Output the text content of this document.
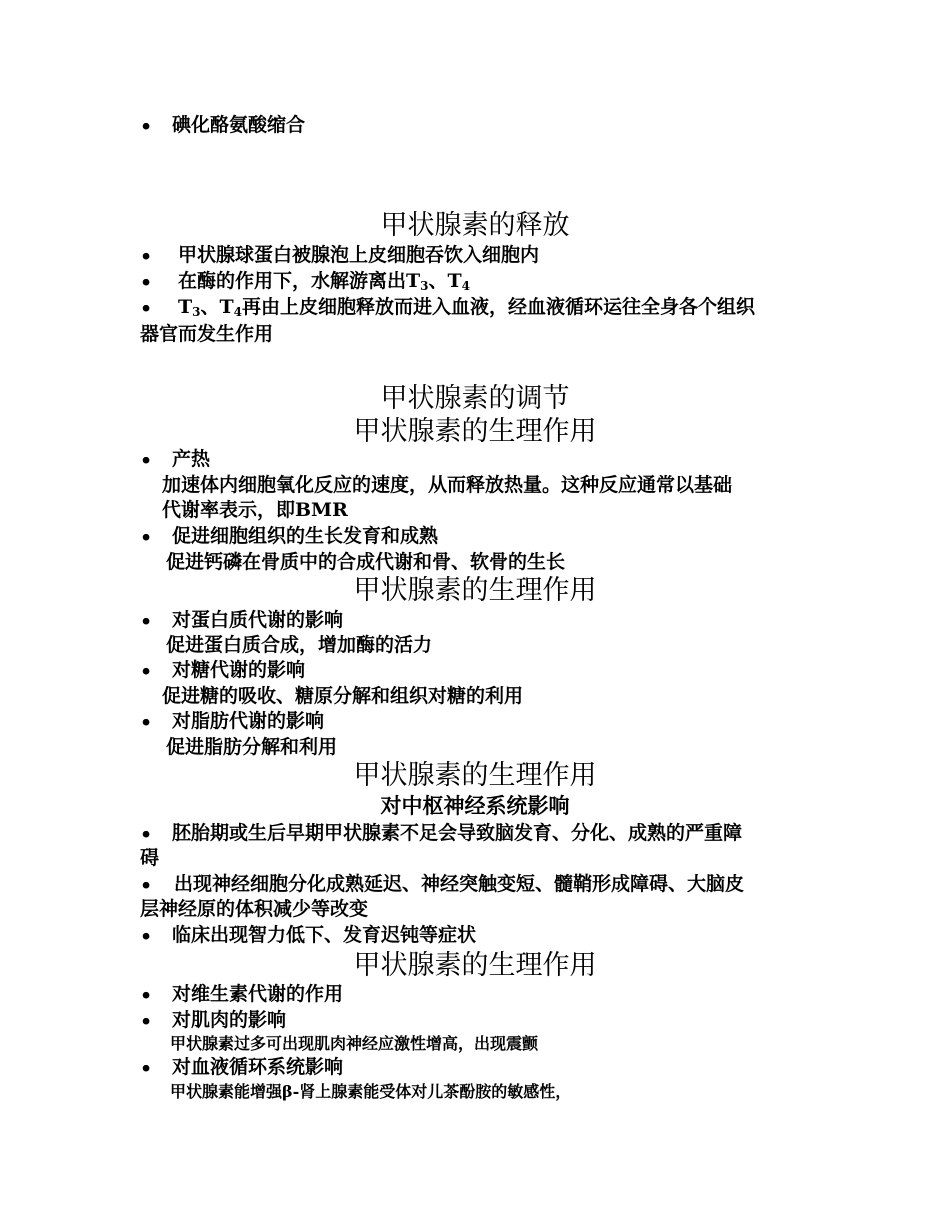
• 碘化酪氨酸缩合
甲状腺素的释放
• 甲状腺球蛋白被腺泡上皮细胞吞饮入细胞内
• 在酶的作用下，水解游离出$T_3$、$T_4$
• $T_3$、$T_4$再由上皮细胞释放而进入血液，经血液循环运往全身各个组织
器官而发生作用
甲状腺素的调节
甲状腺素的生理作用
• 产热
加速体内细胞氧化反应的速度，从而释放热量。这种反应通常以基础
代谢率表示，即BMR
• 促进细胞组织的生长发育和成熟
促进钙磷在骨质中的合成代谢和骨、软骨的生长
甲状腺素的生理作用
• 对蛋白质代谢的影响
促进蛋白质合成，增加酶的活力
• 对糖代谢的影响
促进糖的吸收、糖原分解和组织对糖的利用
• 对脂肪代谢的影响
促进脂肪分解和利用
甲状腺素的生理作用
对中枢神经系统影响
• 胚胎期或生后早期甲状腺素不足会导致脑发育、分化、成熟的严重障
碍
• 出现神经细胞分化成熟延迟、神经突触变短、髓鞘形成障碍、大脑皮
层神经原的体积减少等改变
• 临床出现智力低下、发育迟钝等症状
甲状腺素的生理作用
• 对维生素代谢的作用
• 对肌肉的影响
甲状腺素过多可出现肌肉神经应激性增高，出现震颤
• 对血液循环系统影响
甲状腺素能增强β-肾上腺素能受体对儿茶酚胺的敏感性，
